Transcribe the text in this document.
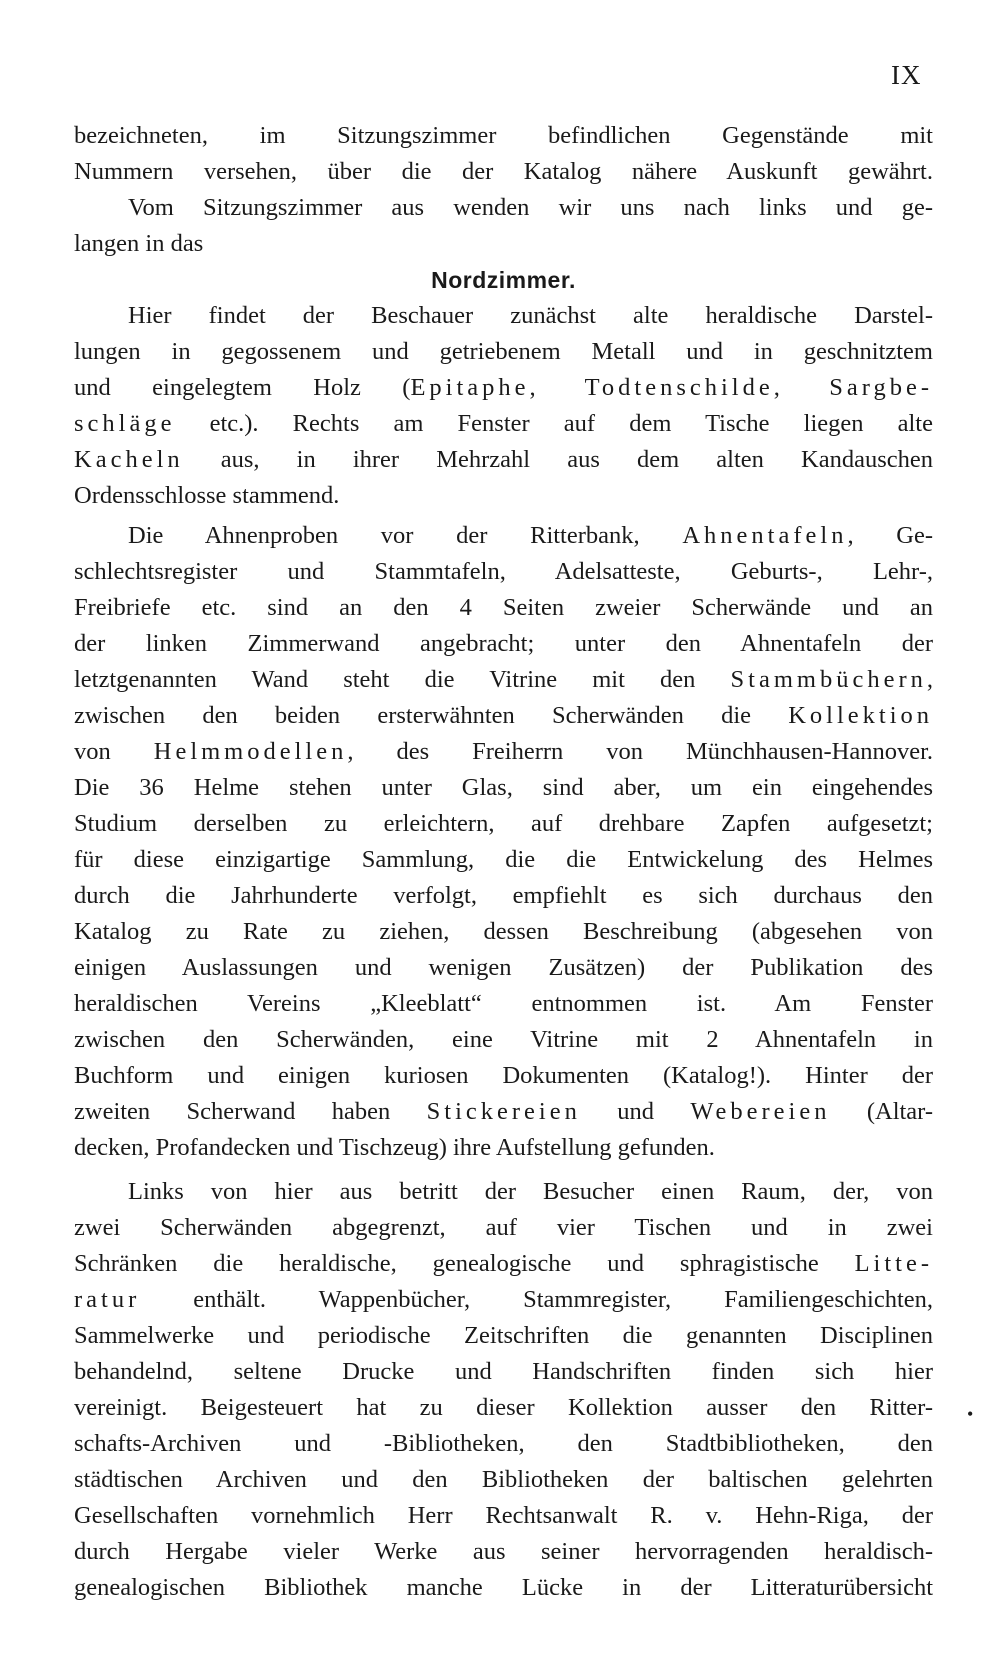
IX
bezeichneten, im Sitzungszimmer befindlichen Gegenstände mit
Nummern versehen, über die der Katalog nähere Auskunft gewährt.
Vom Sitzungszimmer aus wenden wir uns nach links und ge-
langen in das
Nordzimmer.
Hier findet der Beschauer zunächst alte heraldische Darstel-
lungen in gegossenem und getriebenem Metall und in geschnitztem
und eingelegtem Holz (Epitaphe, Todtenschilde, Sargbe-
schläge etc.). Rechts am Fenster auf dem Tische liegen alte
Kacheln aus, in ihrer Mehrzahl aus dem alten Kandauschen
Ordensschlosse stammend.
Die Ahnenproben vor der Ritterbank, Ahnentafeln, Ge-
schlechtsregister und Stammtafeln, Adelsatteste, Geburts-, Lehr-,
Freibriefe etc. sind an den 4 Seiten zweier Scherwände und an
der linken Zimmerwand angebracht; unter den Ahnentafeln der
letztgenannten Wand steht die Vitrine mit den Stammbüchern,
zwischen den beiden ersterwähnten Scherwänden die Kollektion
von Helmmodellen, des Freiherrn von Münchhausen-Hannover.
Die 36 Helme stehen unter Glas, sind aber, um ein eingehendes
Studium derselben zu erleichtern, auf drehbare Zapfen aufgesetzt;
für diese einzigartige Sammlung, die die Entwickelung des Helmes
durch die Jahrhunderte verfolgt, empfiehlt es sich durchaus den
Katalog zu Rate zu ziehen, dessen Beschreibung (abgesehen von
einigen Auslassungen und wenigen Zusätzen) der Publikation des
heraldischen Vereins „Kleeblatt“ entnommen ist. Am Fenster
zwischen den Scherwänden, eine Vitrine mit 2 Ahnentafeln in
Buchform und einigen kuriosen Dokumenten (Katalog!). Hinter der
zweiten Scherwand haben Stickereien und Webereien (Altar-
decken, Profandecken und Tischzeug) ihre Aufstellung gefunden.
Links von hier aus betritt der Besucher einen Raum, der, von
zwei Scherwänden abgegrenzt, auf vier Tischen und in zwei
Schränken die heraldische, genealogische und sphragistische Litte-
ratur enthält. Wappenbücher, Stammregister, Familiengeschichten,
Sammelwerke und periodische Zeitschriften die genannten Disciplinen
behandelnd, seltene Drucke und Handschriften finden sich hier
vereinigt. Beigesteuert hat zu dieser Kollektion ausser den Ritter-
schafts-Archiven und -Bibliotheken, den Stadtbibliotheken, den
städtischen Archiven und den Bibliotheken der baltischen gelehrten
Gesellschaften vornehmlich Herr Rechtsanwalt R. v. Hehn-Riga, der
durch Hergabe vieler Werke aus seiner hervorragenden heraldisch-
genealogischen Bibliothek manche Lücke in der Litteraturübersicht
•
